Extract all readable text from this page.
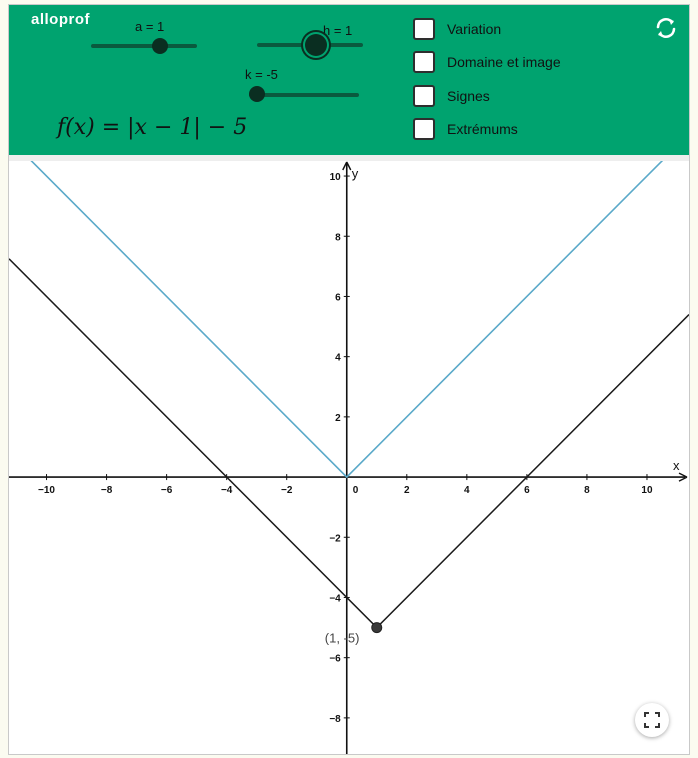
alloprof	a = 1	h = 1
k = -5
f(x) = |x − 1| − 5
Variation
Domaine et image
Signes
Extrémums
x
y
−10	−8	−6	−4	−2	2	4	6	8	10
10
8
6
4
2
−2
−4
−6
−8
0
(1, -5)
